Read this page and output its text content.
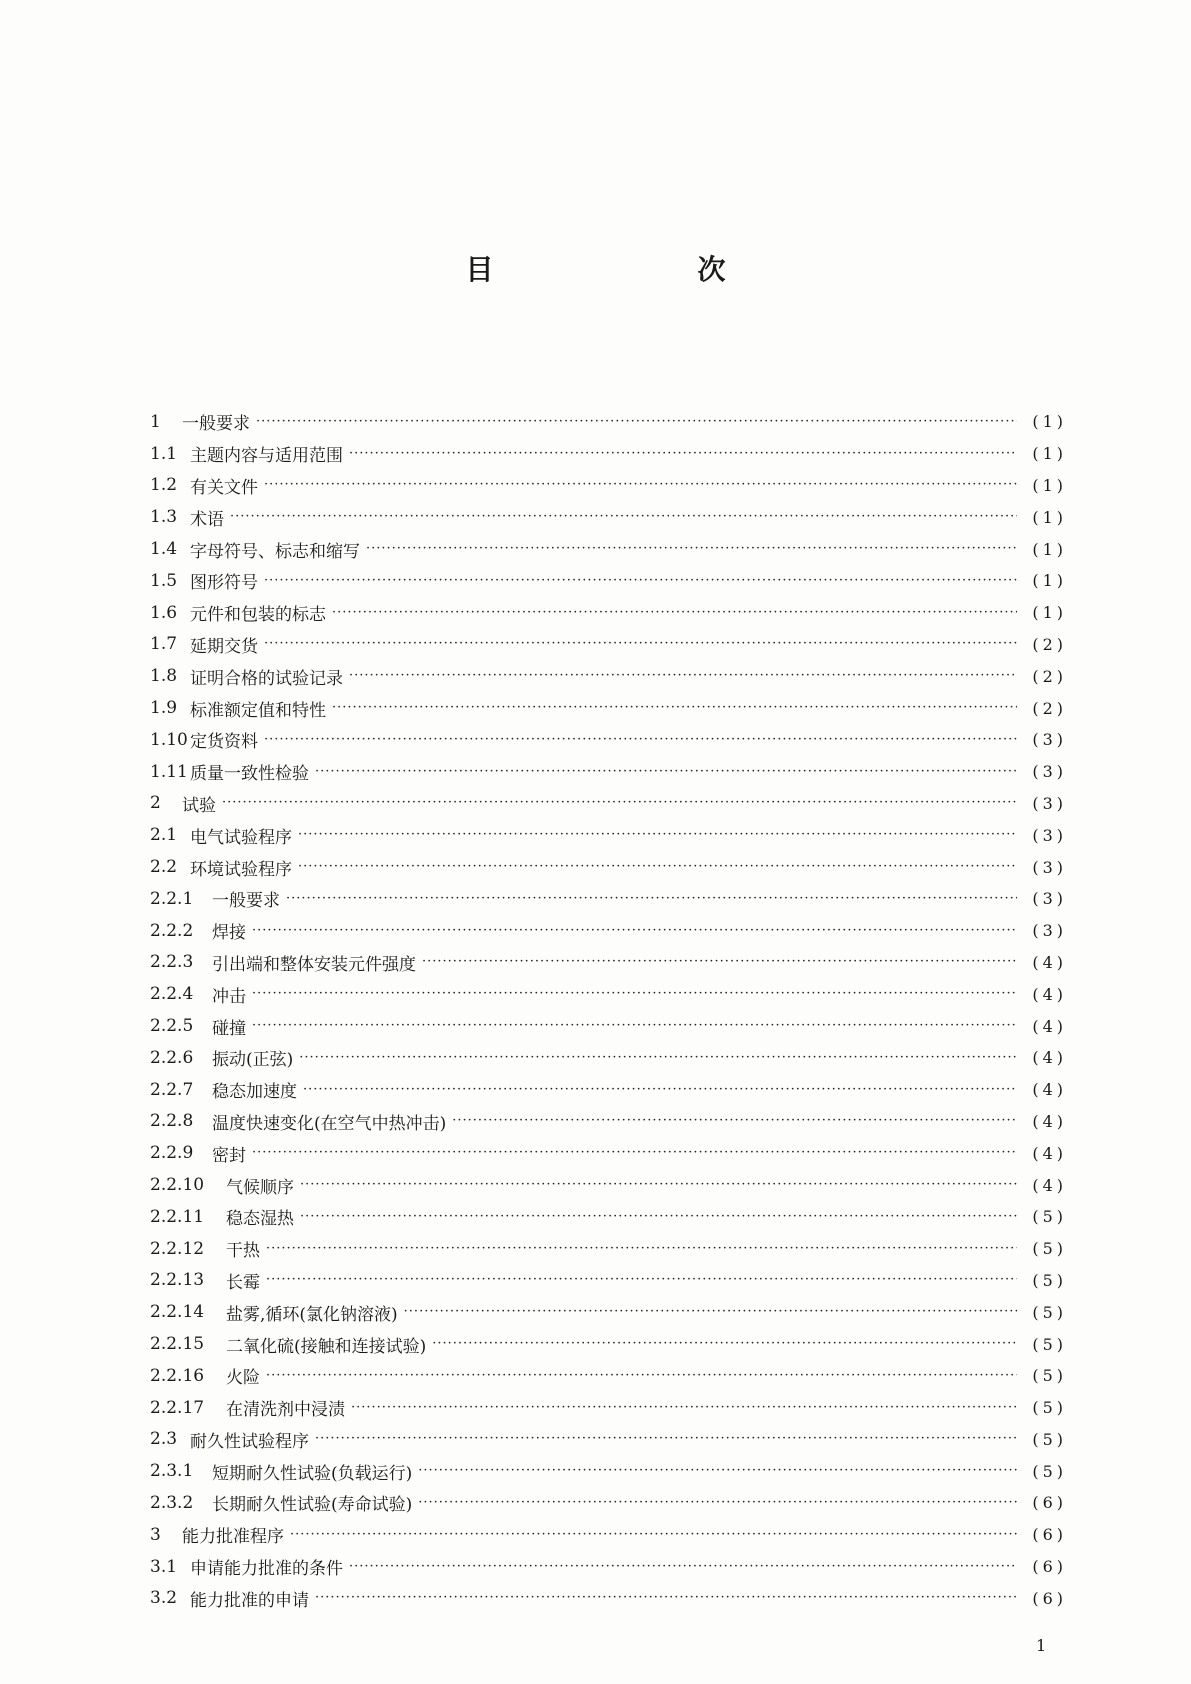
目　次
1	一般要求 ·····	(1)
1.1 主题内容与适用范围 ·····	(1)
1.2 有关文件 ·····	(1)
1.3 术语 ·····	(1)
1.4 字母符号、标志和缩写 ·····	(1)
1.5 图形符号 ·····	(1)
1.6 元件和包装的标志 ·····	(1)
1.7 延期交货 ·····	(2)
1.8 证明合格的试验记录 ·····	(2)
1.9 标准额定值和特性 ·····	(2)
1.10 定货资料 ·····	(3)
1.11 质量一致性检验 ·····	(3)
2	试验 ·····	(3)
2.1 电气试验程序 ·····	(3)
2.2 环境试验程序 ·····	(3)
2.2.1	一般要求 ·····	(3)
2.2.2	焊接 ·····	(3)
2.2.3	引出端和整体安装元件强度 ·····	(4)
2.2.4	冲击 ·····	(4)
2.2.5	碰撞 ·····	(4)
2.2.6	振动(正弦) ·····	(4)
2.2.7	稳态加速度 ·····	(4)
2.2.8	温度快速变化(在空气中热冲击) ·····	(4)
2.2.9	密封 ·····	(4)
2.2.10	气候顺序 ·····	(4)
2.2.11	稳态湿热 ·····	(5)
2.2.12	干热 ·····	(5)
2.2.13	长霉 ·····	(5)
2.2.14	盐雾,循环(氯化钠溶液) ·····	(5)
2.2.15	二氧化硫(接触和连接试验) ·····	(5)
2.2.16	火险 ·····	(5)
2.2.17	在清洗剂中浸渍 ·····	(5)
2.3 耐久性试验程序 ·····	(5)
2.3.1	短期耐久性试验(负载运行) ·····	(5)
2.3.2	长期耐久性试验(寿命试验) ·····	(6)
3	能力批准程序 ·····	(6)
3.1 申请能力批准的条件 ·····	(6)
3.2 能力批准的申请 ·····	(6)
1
